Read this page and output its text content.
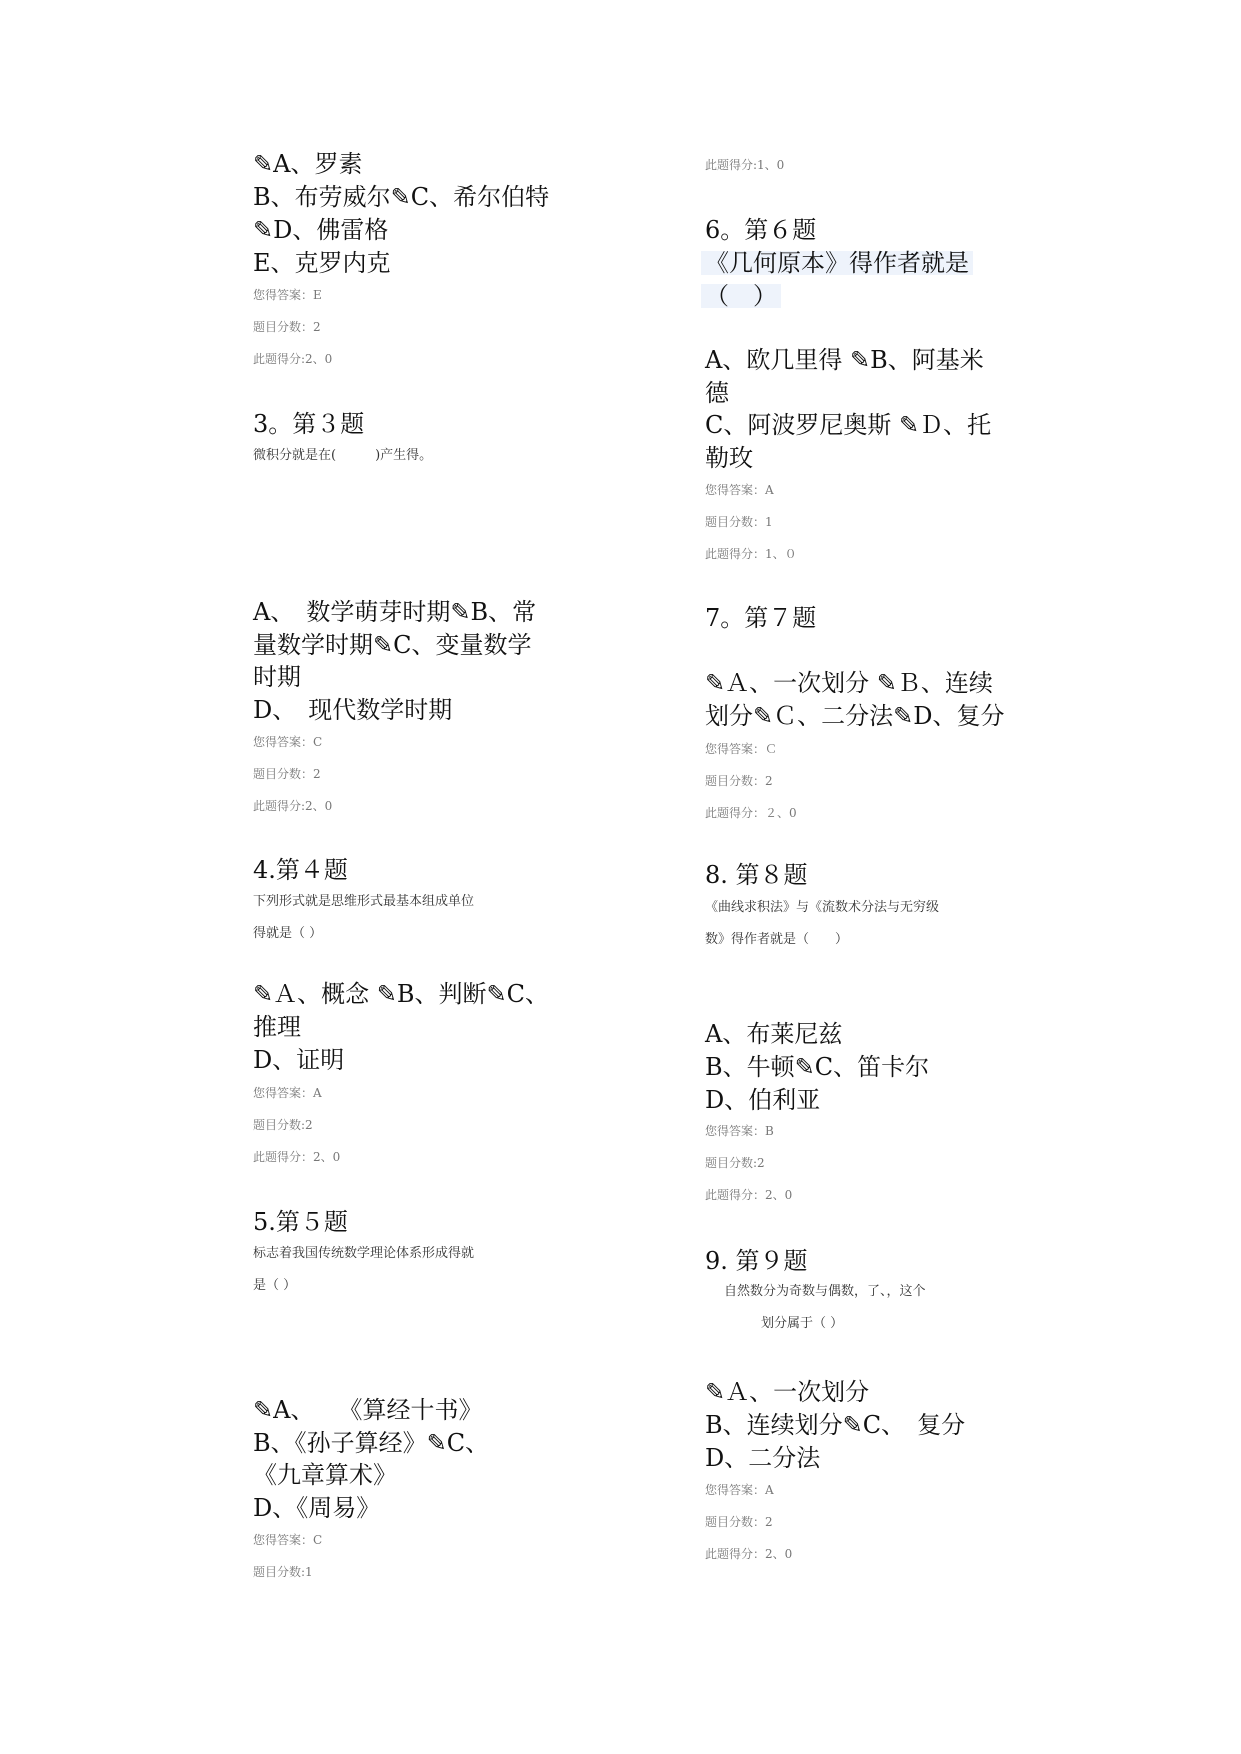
✎A、罗素
B、布劳威尔✎C、希尔伯特
✎D、佛雷格
E、克罗内克
您得答案：E
题目分数：2
此题得分:2、0
3。第３题
微积分就是在(　　　)产生得。
A、　数学萌芽时期✎B、常
量数学时期✎C、变量数学
时期
D、　现代数学时期
您得答案：C
题目分数：2
此题得分:2、0
4.第４题
下列形式就是思维形式最基本组成单位
得就是（ ）
✎Ａ、概念 ✎B、判断✎C、
推理
D、证明
您得答案：A
题目分数:2
此题得分：2、0
5.第５题
标志着我国传统数学理论体系形成得就
是（ ）
✎A、　　《算经十书》
B、《孙子算经》✎C、
《九章算术》
D、《周易》
您得答案：C
题目分数:1
此题得分:1、0
6。第６题
《几何原本》得作者就是
（　）
A、欧几里得 ✎B、阿基米
德
C、阿波罗尼奥斯 ✎Ｄ、托
勒玫
您得答案：A
题目分数：1
此题得分：1、０
7。第７题
✎Ａ、一次划分 ✎Ｂ、连续
划分✎Ｃ、二分法✎D、复分
您得答案：Ｃ
题目分数：2
此题得分：２、0
8. 第８题
《曲线求积法》与《流数术分法与无穷级
数》得作者就是（　　）
A、布莱尼兹
B、牛顿✎C、笛卡尔
D、伯利亚
您得答案：B
题目分数:2
此题得分：2、0
9. 第９题
自然数分为奇数与偶数，了、，这个
划分属于（ ）
✎Ａ、一次划分
B、连续划分✎C、　复分
D、二分法
您得答案：A
题目分数：2
此题得分：2、0
